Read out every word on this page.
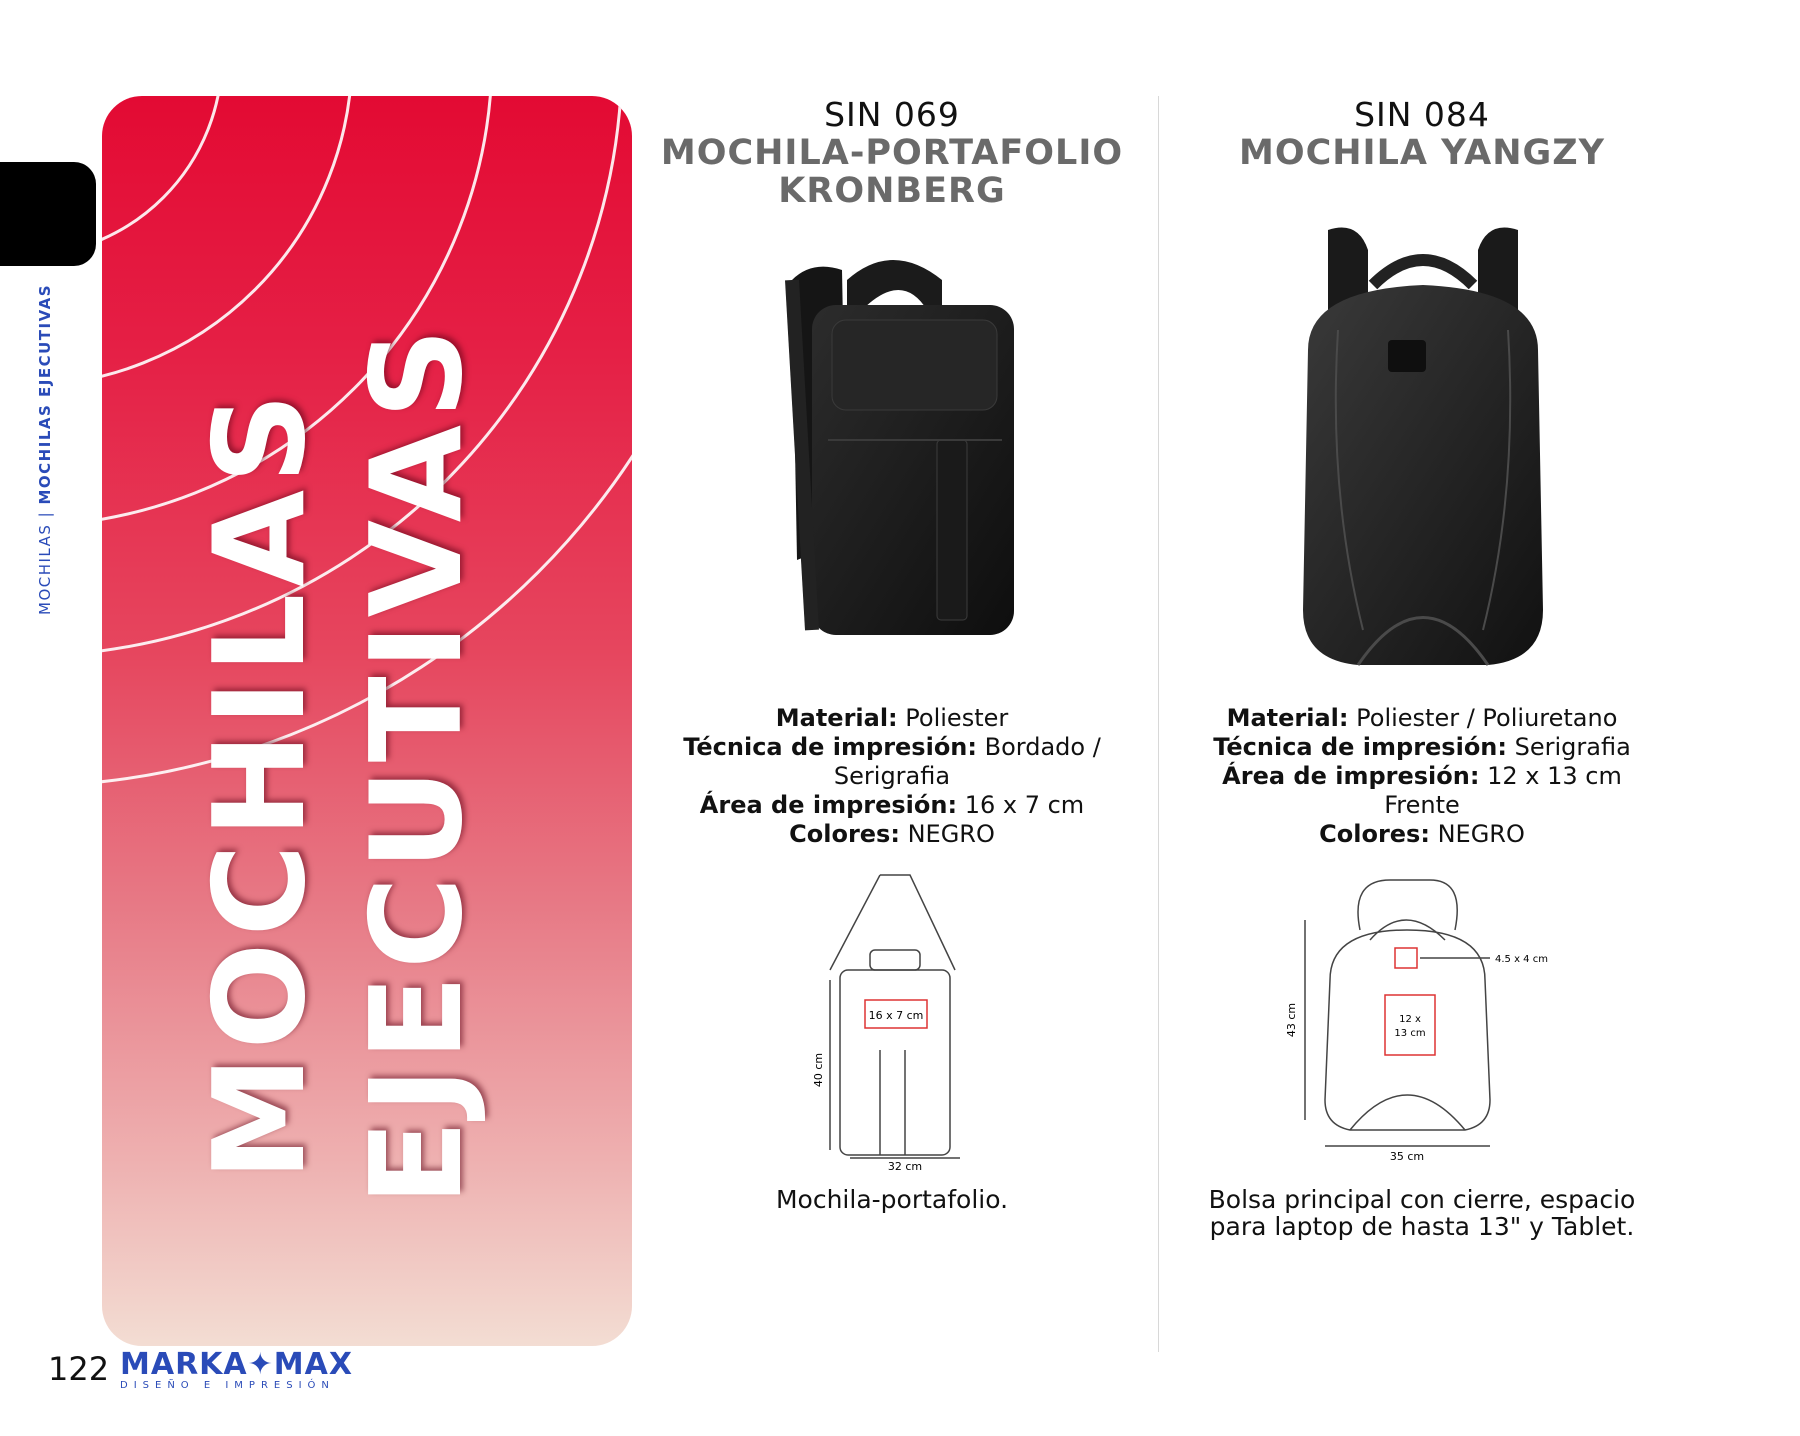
MOCHILAS | MOCHILAS EJECUTIVAS MOCHILAS EJECUTIVAS
SIN 069
MOCHILA-PORTAFOLIO
KRONBERG
Material: Poliester
Técnica de impresión: Bordado /
Serigrafia
Área de impresión: 16 x 7 cm
Colores: NEGRO
16 x 7 cm
40 cm
32 cm
Mochila-portafolio.
SIN 084
MOCHILA YANGZY
Material: Poliester / Poliuretano
Técnica de impresión: Serigrafia
Área de impresión: 12 x 13 cm
Frente
Colores: NEGRO
4.5 x 4 cm
12 x
13 cm
43 cm
35 cm
Bolsa principal con cierre, espacio
para laptop de hasta 13" y Tablet.
122 MARKA✦MAX
DISEÑO E IMPRESIÓN
